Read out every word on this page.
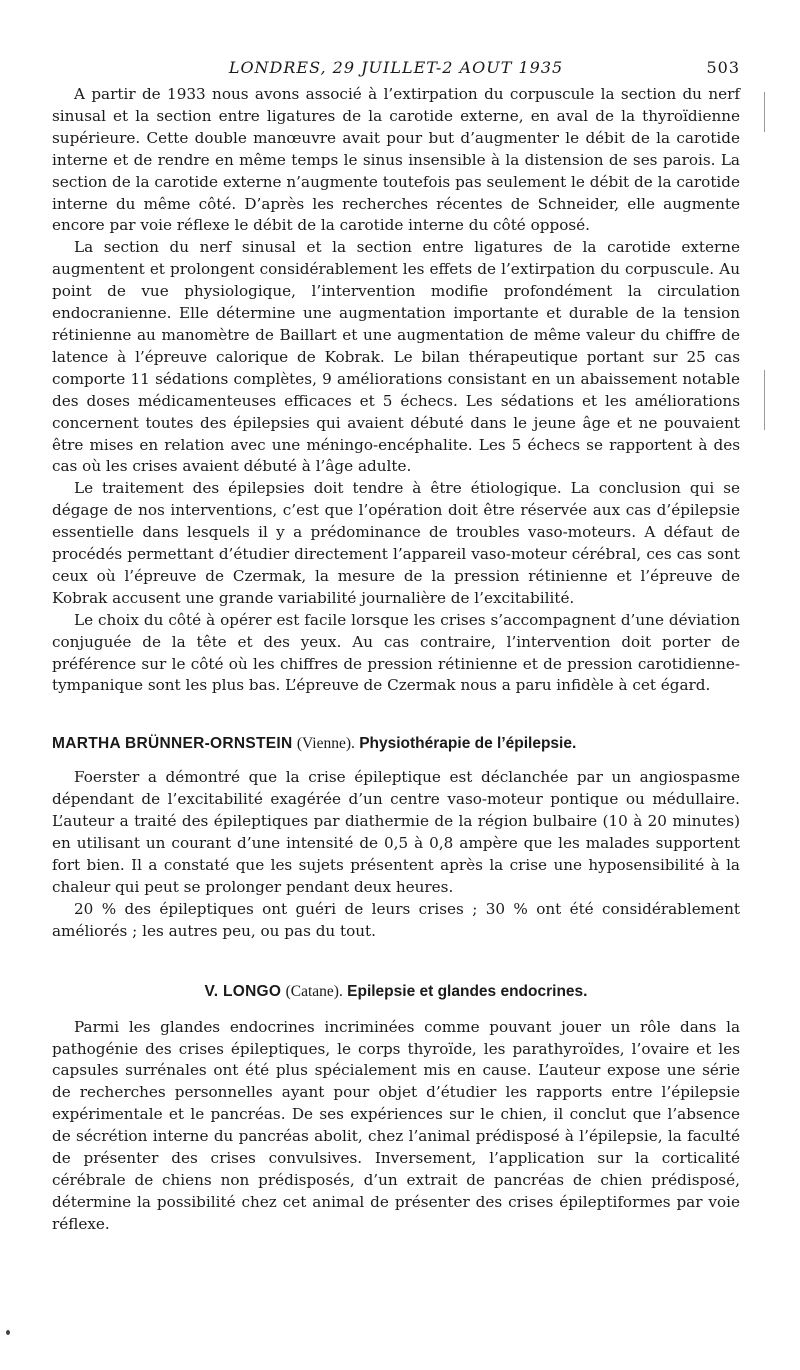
LONDRES, 29 JUILLET-2 AOUT 1935	503

A partir de 1933 nous avons associé à l’extirpation du corpuscule la section du nerf sinusal et la section entre ligatures de la carotide externe, en aval de la thyroïdienne supérieure. Cette double manœuvre avait pour but d’augmenter le débit de la carotide interne et de rendre en même temps le sinus insensible à la distension de ses parois. La section de la carotide externe n’augmente toutefois pas seulement le débit de la carotide interne du même côté. D’après les recherches récentes de Schneider, elle augmente encore par voie réflexe le débit de la carotide interne du côté opposé.

La section du nerf sinusal et la section entre ligatures de la carotide externe augmentent et prolongent considérablement les effets de l’extirpation du corpuscule. Au point de vue physiologique, l’intervention modifie profondément la circulation endocranienne. Elle détermine une augmentation importante et durable de la tension rétinienne au manomètre de Baillart et une augmentation de même valeur du chiffre de latence à l’épreuve calorique de Kobrak. Le bilan thérapeutique portant sur 25 cas comporte 11 sédations complètes, 9 améliorations consistant en un abaissement notable des doses médicamenteuses efficaces et 5 échecs. Les sédations et les améliorations concernent toutes des épilepsies qui avaient débuté dans le jeune âge et ne pouvaient être mises en relation avec une méningo-encéphalite. Les 5 échecs se rapportent à des cas où les crises avaient débuté à l’âge adulte.

Le traitement des épilepsies doit tendre à être étiologique. La conclusion qui se dégage de nos interventions, c’est que l’opération doit être réservée aux cas d’épilepsie essentielle dans lesquels il y a prédominance de troubles vaso-moteurs. A défaut de procédés permettant d’étudier directement l’appareil vaso-moteur cérébral, ces cas sont ceux où l’épreuve de Czermak, la mesure de la pression rétinienne et l’épreuve de Kobrak accusent une grande variabilité journalière de l’excitabilité.

Le choix du côté à opérer est facile lorsque les crises s’accompagnent d’une déviation conjuguée de la tête et des yeux. Au cas contraire, l’intervention doit porter de préférence sur le côté où les chiffres de pression rétinienne et de pression carotidienne-tympanique sont les plus bas. L’épreuve de Czermak nous a paru infidèle à cet égard.

MARTHA BRÜNNER-ORNSTEIN (Vienne). Physiothérapie de l’épilepsie.

Foerster a démontré que la crise épileptique est déclanchée par un angiospasme dépendant de l’excitabilité exagérée d’un centre vaso-moteur pontique ou médullaire. L’auteur a traité des épileptiques par diathermie de la région bulbaire (10 à 20 minutes) en utilisant un courant d’une intensité de 0,5 à 0,8 ampère que les malades supportent fort bien. Il a constaté que les sujets présentent après la crise une hyposensibilité à la chaleur qui peut se prolonger pendant deux heures.

20 % des épileptiques ont guéri de leurs crises ; 30 % ont été considérablement améliorés ; les autres peu, ou pas du tout.

V. LONGO (Catane). Epilepsie et glandes endocrines.

Parmi les glandes endocrines incriminées comme pouvant jouer un rôle dans la pathogénie des crises épileptiques, le corps thyroïde, les parathyroïdes, l’ovaire et les capsules surrénales ont été plus spécialement mis en cause. L’auteur expose une série de recherches personnelles ayant pour objet d’étudier les rapports entre l’épilepsie expérimentale et le pancréas. De ses expériences sur le chien, il conclut que l’absence de sécrétion interne du pancréas abolit, chez l’animal prédisposé à l’épilepsie, la faculté de présenter des crises convulsives. Inversement, l’application sur la corticalité cérébrale de chiens non prédisposés, d’un extrait de pancréas de chien prédisposé, détermine la possibilité chez cet animal de présenter des crises épileptiformes par voie réflexe.
